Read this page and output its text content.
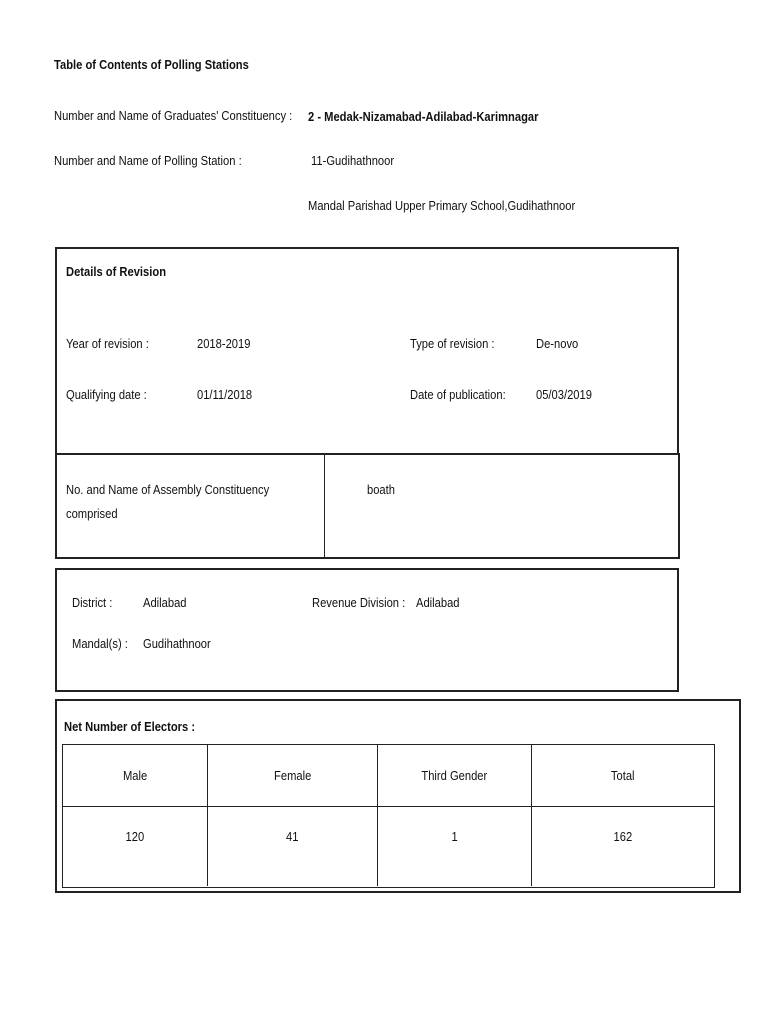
Table of Contents of Polling Stations
Number and Name of Graduates' Constituency : 2 - Medak-Nizamabad-Adilabad-Karimnagar
Number and Name of Polling Station :	11-Gudihathnoor
Mandal Parishad Upper Primary School,Gudihathnoor
Details of Revision
Year of revision :	2018-2019	Type of revision :	De-novo
Qualifying date :	01/11/2018	Date of publication: 05/03/2019
No. and Name of Assembly Constituency
comprised
boath
District : Adilabad	Revenue Division : Adilabad
Mandal(s) : Gudihathnoor
Net Number of Electors :
Male	Female	Third Gender	Total
120	41	1	162
